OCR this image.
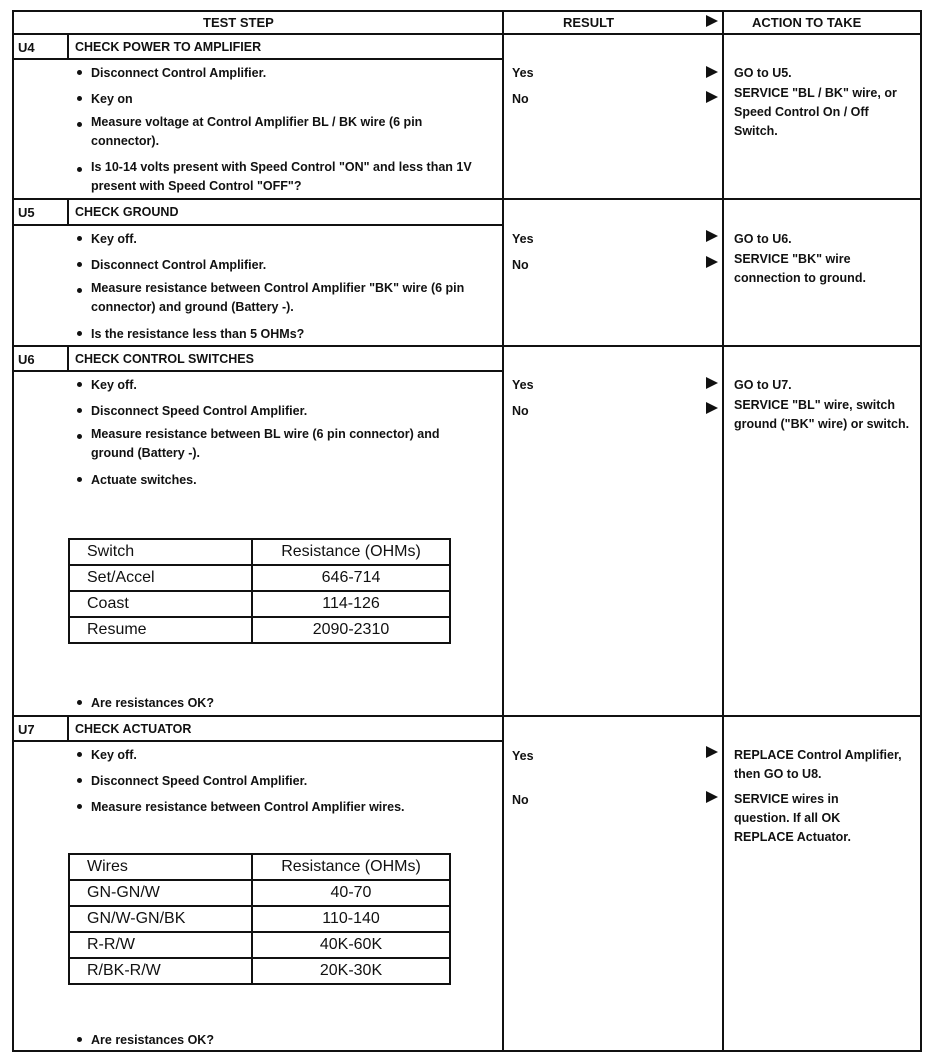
TEST STEP	RESULT	ACTION TO TAKE
U4	CHECK POWER TO AMPLIFIER
Disconnect Control Amplifier.
Key on
Measure voltage at Control Amplifier BL / BK wire (6 pin connector).
Is 10-14 volts present with Speed Control "ON" and less than 1V present with Speed Control "OFF"?
Yes	GO to U5.
No	SERVICE "BL / BK" wire, or Speed Control On / Off Switch.
U5	CHECK GROUND
Key off.
Disconnect Control Amplifier.
Measure resistance between Control Amplifier "BK" wire (6 pin connector) and ground (Battery -).
Is the resistance less than 5 OHMs?
Yes	GO to U6.
No	SERVICE "BK" wire connection to ground.
U6	CHECK CONTROL SWITCHES
Key off.
Disconnect Speed Control Amplifier.
Measure resistance between BL wire (6 pin connector) and ground (Battery -).
Actuate switches.
Switch	Resistance (OHMs)
Set/Accel	646-714
Coast	114-126
Resume	2090-2310
Are resistances OK?
Yes	GO to U7.
No	SERVICE "BL" wire, switch ground ("BK" wire) or switch.
U7	CHECK ACTUATOR
Key off.
Disconnect Speed Control Amplifier.
Measure resistance between Control Amplifier wires.
Wires	Resistance (OHMs)
GN-GN/W	40-70
GN/W-GN/BK	110-140
R-R/W	40K-60K
R/BK-R/W	20K-30K
Are resistances OK?
Yes	REPLACE Control Amplifier, then GO to U8.
No	SERVICE wires in question. If all OK REPLACE Actuator.
